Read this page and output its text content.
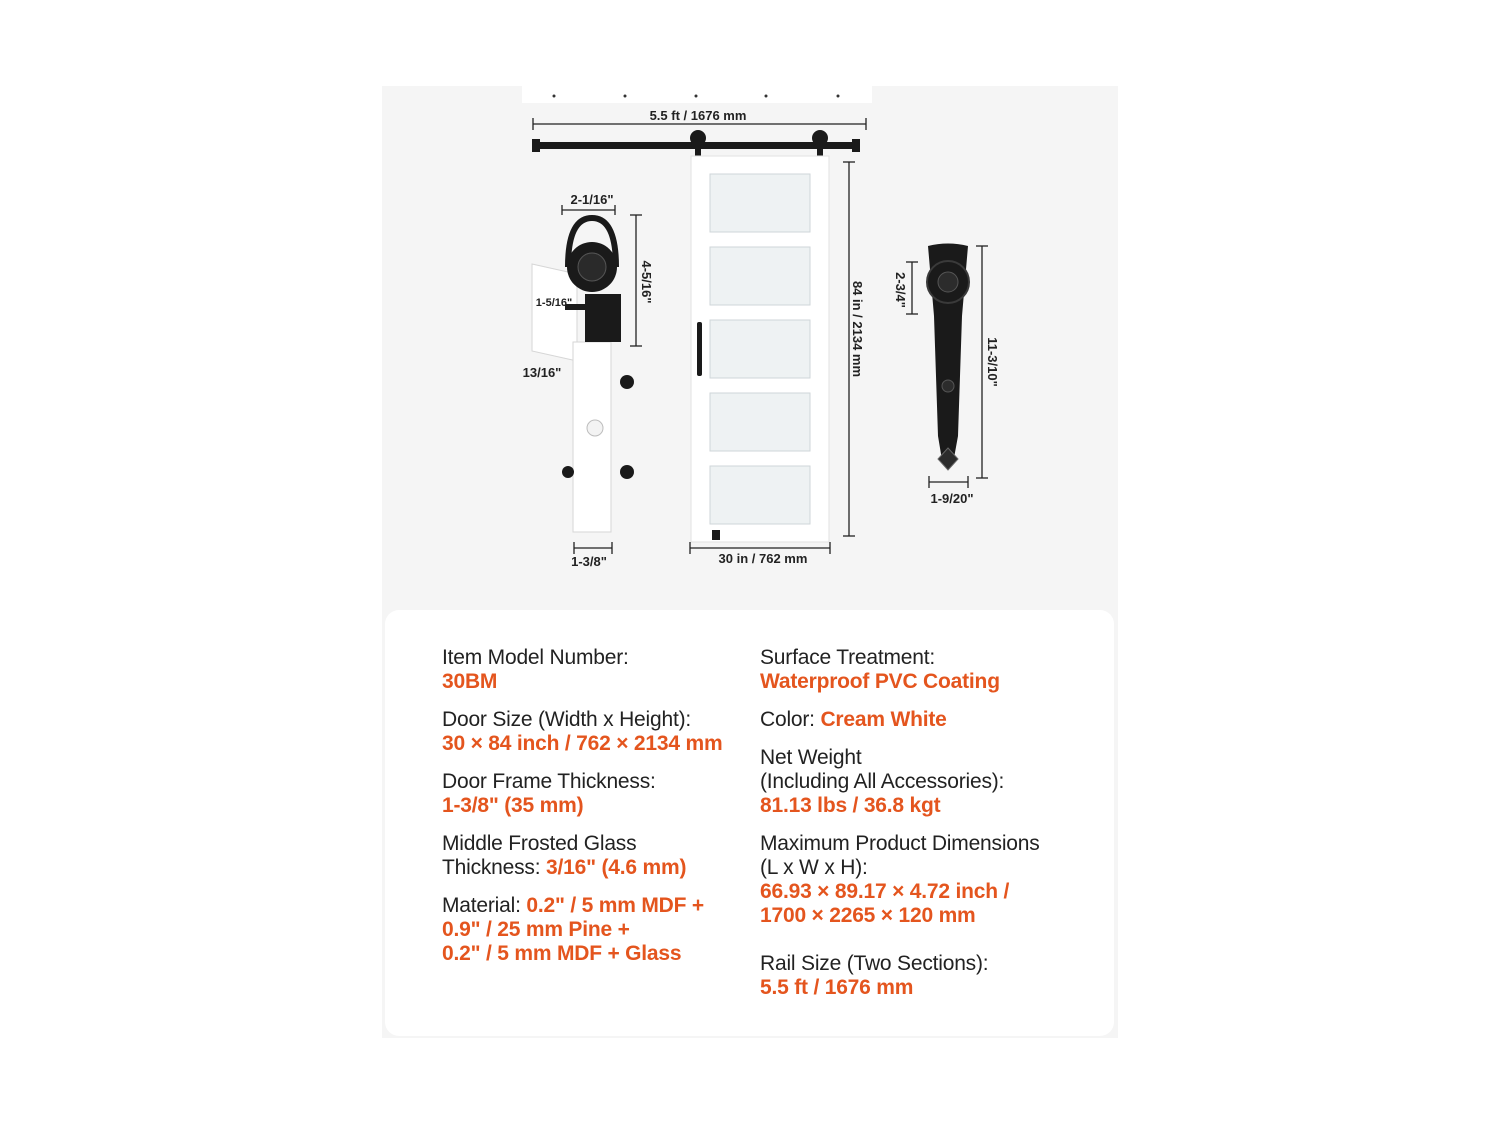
5.5 ft / 1676 mm
84 in / 2134 mm
30 in / 762 mm
2-1/16"
4-5/16"
1-5/16"
13/16"
1-3/8"
2-3/4"
11-3/10"
1-9/20"

Item Model Number:
30BM

Door Size (Width x Height):
30 × 84 inch / 762 × 2134 mm

Door Frame Thickness:
1-3/8" (35 mm)

Middle Frosted Glass
Thickness: 3/16" (4.6 mm)

Material: 0.2" / 5 mm MDF +
0.9" / 25 mm Pine +
0.2" / 5 mm MDF + Glass

Surface Treatment:
Waterproof PVC Coating

Color: Cream White

Net Weight
(Including All Accessories):
81.13 lbs / 36.8 kgt

Maximum Product Dimensions
(L x W x H):
66.93 × 89.17 × 4.72 inch /
1700 × 2265 × 120 mm

Rail Size (Two Sections):
5.5 ft / 1676 mm
